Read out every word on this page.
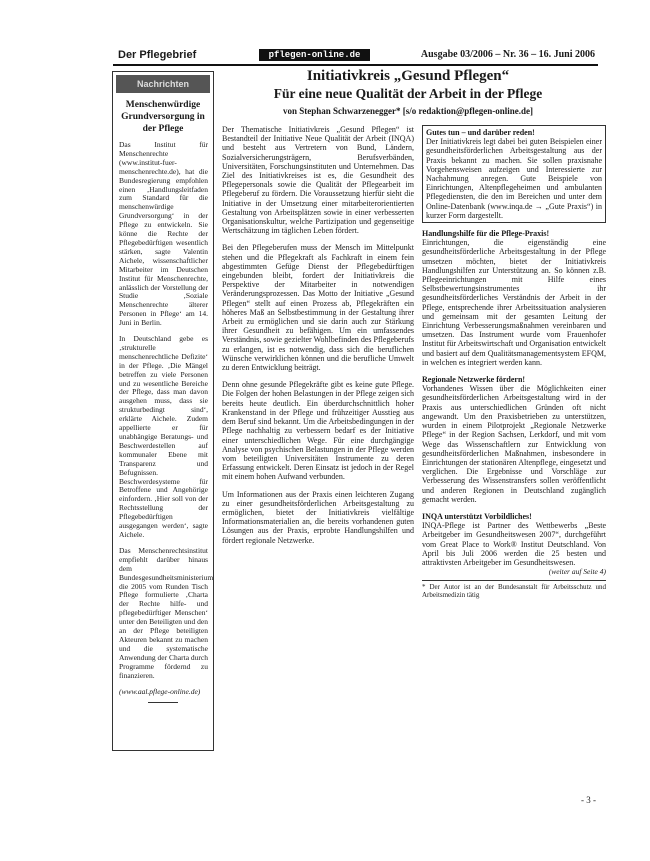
Der Pflegebrief	pflegen-online.de	Ausgabe 03/2006 – Nr. 36 – 16. Juni 2006
Nachrichten
Menschenwürdige Grundversorgung in der Pflege

Das Institut für Menschenrechte (www.institut-fuer-menschenrechte.de), hat die Bundesregierung empfohlen einen ‚Handlungsleitfaden zum Standard für die menschenwürdige Grundversorgung‘ in der Pflege zu entwickeln. Sie könne die Rechte der Pflegebedürftigen wesentlich stärken, sagte Valentin Aichele, wissenschaftlicher Mitarbeiter im Deutschen Institut für Menschenrechte, anlässlich der Vorstellung der Studie ‚Soziale Menschenrechte älterer Personen in Pflege‘ am 14. Juni in Berlin.

In Deutschland gebe es ‚strukturelle menschenrechtliche Defizite‘ in der Pflege. ‚Die Mängel betreffen zu viele Personen und zu wesentliche Bereiche der Pflege, dass man davon ausgehen muss, dass sie strukturbedingt sind‘, erklärte Aichele. Zudem appellierte er für unabhängige Beratungs- und Beschwerdestellen auf kommunaler Ebene mit Transparenz und Befugnissen. Beschwerdesysteme für Betroffene und Angehörige einfordern. ‚Hier soll von der Rechtsstellung der Pflegebedürftigen ausgegangen werden‘, sagte Aichele.

Das Menschenrechtsinstitut empfiehlt darüber hinaus dem Bundesgesundheitsministerium die 2005 vom Runden Tisch Pflege formulierte ‚Charta der Rechte hilfe- und pflegebedürftiger Menschen‘ unter den Beteiligten und den an der Pflege beteiligten Akteuren bekannt zu machen und die systematische Anwendung der Charta durch Programme fördernd zu finanzieren.

(www.aal.pflege-online.de)
Initiativkreis „Gesund Pflegen“
Für eine neue Qualität der Arbeit in der Pflege
von Stephan Schwarzenegger* [s/o redaktion@pflegen-online.de]

Der Thematische Initiativkreis „Gesund Pflegen“ ist Bestandteil der Initiative Neue Qualität der Arbeit (INQA) und besteht aus Vertretern von Bund, Ländern, Sozialversicherungsträgern, Berufsverbänden, Universitäten, Forschungsinstituten und Unternehmen. Das Ziel des Initiativkreises ist es, die Gesundheit des Pflegepersonals sowie die Qualität der Pflegearbeit im Pflegeberuf zu fördern. Die Voraussetzung hierfür sieht die Initiative in der Umsetzung einer mitarbeiterorientierten Gestaltung von Arbeitsplätzen sowie in einer verbesserten Organisationskultur, welche Partizipation und gegenseitige Wertschätzung im täglichen Leben fördert.

Bei den Pflegeberufen muss der Mensch im Mittelpunkt stehen und die Pflegekraft als Fachkraft in einem fein abgestimmten Gefüge Dienst der Pflegebedürftigen eingebunden bleibt, fordert der Initiativkreis die Perspektive der Mitarbeiter in notwendigen Veränderungsprozessen. Das Motto der Initiative „Gesund Pflegen“ stellt auf einen Prozess ab, Pflegekräften ein höheres Maß an Selbstbestimmung in der Gestaltung ihrer Arbeit zu ermöglichen und sie darin auch zur Stärkung ihrer Gesundheit zu befähigen. Um ein umfassendes Verständnis, sowie gezielter Wohlbefinden des Pflegeberufs zu erlangen, ist es notwendig, dass sich die beruflichen Wünsche verwirklichen können und die berufliche Umwelt zu deren Entwicklung beiträgt.

Denn ohne gesunde Pflegekräfte gibt es keine gute Pflege. Die Folgen der hohen Belastungen in der Pflege zeigen sich bereits heute deutlich. Ein überdurchschnittlich hoher Krankenstand in der Pflege und frühzeitiger Ausstieg aus dem Beruf sind bekannt. Um die Arbeitsbedingungen in der Pflege nachhaltig zu verbessern bedarf es der Initiative einer unterschiedlichen Wege. Für eine durchgängige Analyse von psychischen Belastungen in der Pflege werden vom beteiligten Universitäten Instrumente zu deren Erfassung entwickelt. Deren Einsatz ist jedoch in der Regel mit einem hohen Aufwand verbunden.

Um Informationen aus der Praxis einen leichteren Zugang zu einer gesundheitsförderlichen Arbeitsgestaltung zu ermöglichen, bietet der Initiativkreis vielfältige Informationsmaterialien an, die bereits vorhandenen guten Lösungen aus der Praxis, erprobte Handlungshilfen und fördert regionale Netzwerke.

Gutes tun – und darüber reden!
Der Initiativkreis legt dabei bei guten Beispielen einer gesundheitsförderlichen Arbeitsgestaltung aus der Praxis bekannt zu machen. Sie sollen praxisnahe Vorgehensweisen aufzeigen und Interessierte zur Nachahmung anregen. Gute Beispiele von Einrichtungen, Altenpflegeheimen und ambulanten Pflegediensten, die den im Bereichen und unter dem Online-Datenbank (www.inqa.de → „Gute Praxis“) in kurzer Form dargestellt.
Handlungshilfe für die Pflege-Praxis!

Einrichtungen, die eigenständig eine gesundheitsförderliche Arbeitsgestaltung in der Pflege umsetzen möchten, bietet der Initiativkreis Handlungshilfen zur Unterstützung an. So können z.B. Pflegeeinrichtungen mit Hilfe eines Selbstbewertungsinstrumentes ihr gesundheitsförderliches Verständnis der Arbeit in der Pflege, entsprechende ihrer Arbeitssituation analysieren und gemeinsam mit der gesamten Leitung der Einrichtung Verbesserungsmaßnahmen vereinbaren und umsetzen. Das Instrument wurde vom Frauenhofer Institut für Arbeitswirtschaft und Organisation entwickelt und basiert auf dem Qualitätsmanagementsystem EFQM, in welchen es integriert werden kann.

Regionale Netzwerke fördern!

Vorhandenes Wissen über die Möglichkeiten einer gesundheitsförderlichen Arbeitsgestaltung wird in der Praxis aus unterschiedlichen Gründen oft nicht angewandt. Um den Praxisbetrieben zu unterstützen, wurden in einem Pilotprojekt „Regionale Netzwerke Pflege“ in der Region Sachsen, Lerkdorf, und mit vom Wege das Wissenschaftlern zur Entwicklung von gesundheitsförderlichen Maßnahmen, insbesondere in Einrichtungen der stationären Altenpflege, eingesetzt und verglichen. Die Ergebnisse und Vorschläge zur Verbesserung des Wissenstransfers sollen veröffentlicht und anderen Regionen in Deutschland zugänglich gemacht werden.

INQA unterstützt Vorbildliches!

INQA-Pflege ist Partner des Wettbewerbs „Beste Arbeitgeber im Gesundheitswesen 2007“, durchgeführt vom Great Place to Work® Institut Deutschland. Von April bis Juli 2006 werden die 25 besten und attraktivsten Arbeitgeber im Gesundheitswesen.

(weiter auf Seite 4)
* Der Autor ist an der Bundesanstalt für Arbeitsschutz und Arbeitsmedizin tätig
- 3 -
